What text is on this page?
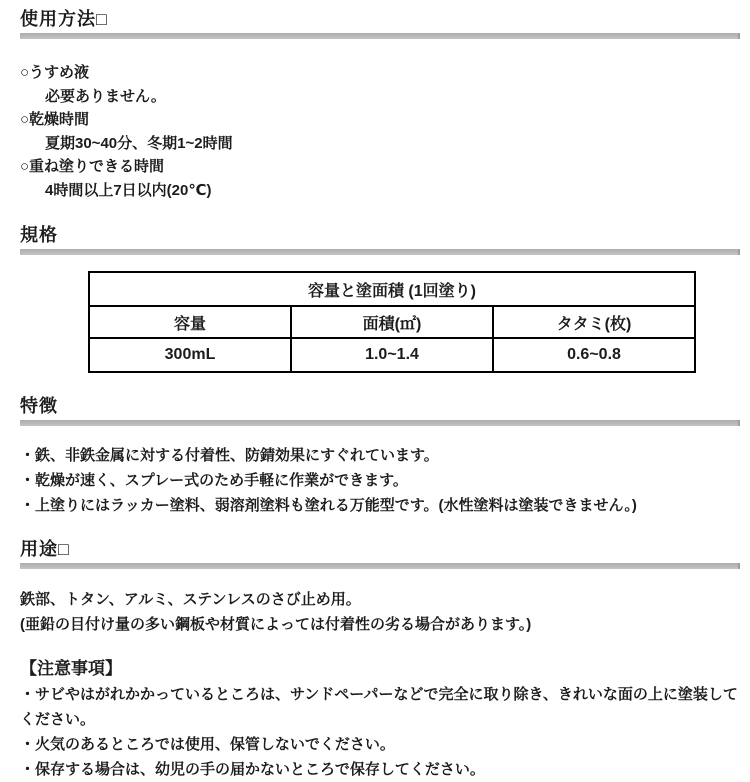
使用方法□

○うすめ液

必要ありません。

○乾燥時間

夏期30~40分、冬期1~2時間

○重ね塗りできる時間

4時間以上7日以内(20℃)

規格
容量と塗面積 (1回塗り)		
容量	面積(㎡)	タタミ(枚)
300mL	1.0~1.4	0.6~0.8
特徴

・鉄、非鉄金属に対する付着性、防錆効果にすぐれています。

・乾燥が速く、スプレー式のため手軽に作業ができます。

・上塗りにはラッカー塗料、弱溶剤塗料も塗れる万能型です。(水性塗料は塗装できません。)

用途□

鉄部、トタン、アルミ、ステンレスのさび止め用。

(亜鉛の目付け量の多い鋼板や材質によっては付着性の劣る場合があります。)

【注意事項】

・サビやはがれかかっているところは、サンドペーパーなどで完全に取り除き、きれいな面の上に塗装してください。

・火気のあるところでは使用、保管しないでください。

・保存する場合は、幼児の手の届かないところで保存してください。
